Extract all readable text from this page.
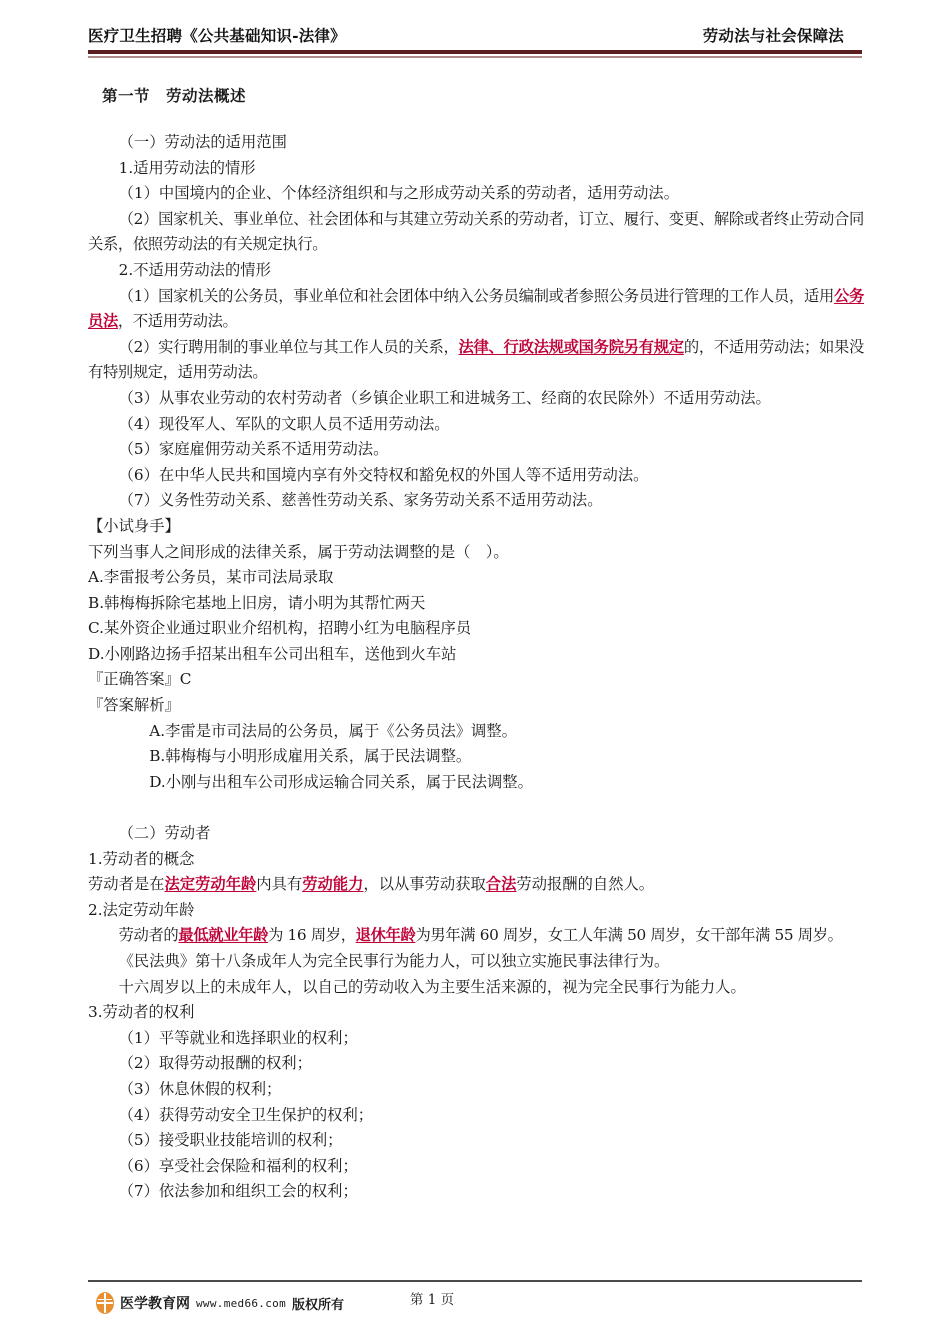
医疗卫生招聘《公共基础知识-法律》	劳动法与社会保障法
第一节　劳动法概述

（一）劳动法的适用范围

1.适用劳动法的情形

（1）中国境内的企业、个体经济组织和与之形成劳动关系的劳动者，适用劳动法。

（2）国家机关、事业单位、社会团体和与其建立劳动关系的劳动者，订立、履行、变更、解除或者终止劳动合同关系，依照劳动法的有关规定执行。

2.不适用劳动法的情形

（1）国家机关的公务员，事业单位和社会团体中纳入公务员编制或者参照公务员进行管理的工作人员，适用公务员法，不适用劳动法。

（2）实行聘用制的事业单位与其工作人员的关系，法律、行政法规或国务院另有规定的，不适用劳动法；如果没有特别规定，适用劳动法。

（3）从事农业劳动的农村劳动者（乡镇企业职工和进城务工、经商的农民除外）不适用劳动法。

（4）现役军人、军队的文职人员不适用劳动法。

（5）家庭雇佣劳动关系不适用劳动法。

（6）在中华人民共和国境内享有外交特权和豁免权的外国人等不适用劳动法。

（7）义务性劳动关系、慈善性劳动关系、家务劳动关系不适用劳动法。

【小试身手】

下列当事人之间形成的法律关系，属于劳动法调整的是（　）。

A.李雷报考公务员，某市司法局录取

B.韩梅梅拆除宅基地上旧房，请小明为其帮忙两天

C.某外资企业通过职业介绍机构，招聘小红为电脑程序员

D.小刚路边扬手招某出租车公司出租车，送他到火车站

『正确答案』C

『答案解析』

A.李雷是市司法局的公务员，属于《公务员法》调整。

B.韩梅梅与小明形成雇用关系，属于民法调整。

D.小刚与出租车公司形成运输合同关系，属于民法调整。

（二）劳动者

1.劳动者的概念

劳动者是在法定劳动年龄内具有劳动能力，以从事劳动获取合法劳动报酬的自然人。

2.法定劳动年龄

劳动者的最低就业年龄为 16 周岁，退休年龄为男年满 60 周岁，女工人年满 50 周岁，女干部年满 55 周岁。

《民法典》第十八条成年人为完全民事行为能力人，可以独立实施民事法律行为。

十六周岁以上的未成年人，以自己的劳动收入为主要生活来源的，视为完全民事行为能力人。

3.劳动者的权利

（1）平等就业和选择职业的权利；

（2）取得劳动报酬的权利；

（3）休息休假的权利；

（4）获得劳动安全卫生保护的权利；

（5）接受职业技能培训的权利；

（6）享受社会保险和福利的权利；

（7）依法参加和组织工会的权利；

医学教育网 www.med66.com 版权所有	第 1 页
